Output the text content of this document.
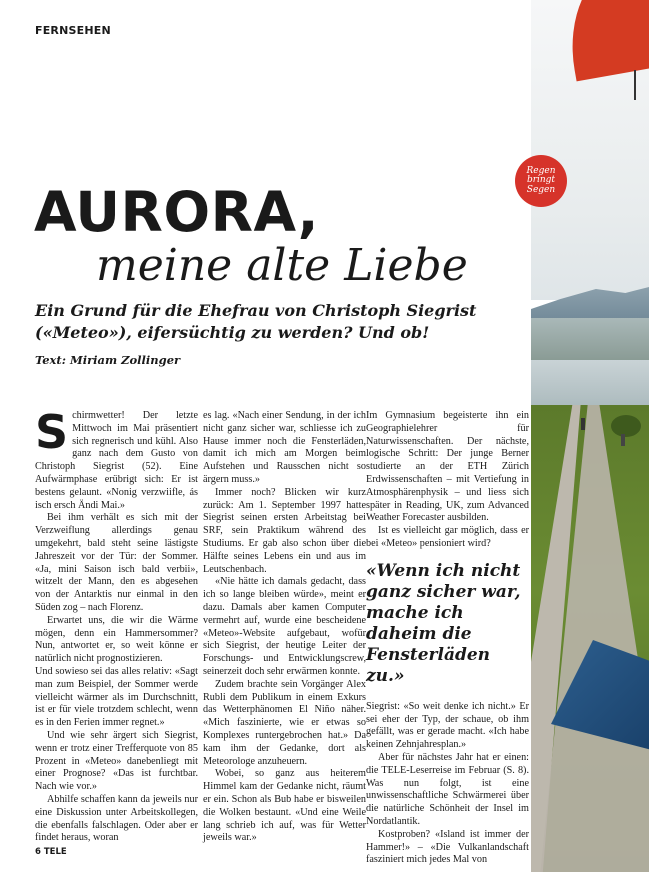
FERNSEHEN
Regen
bringt
Segen
AURORA,
meine alte Liebe
Ein Grund für die Ehefrau von Christoph Siegrist («Meteo»), eifersüchtig zu werden? Und ob!
Text: Miriam Zollinger

Schirmwetter! Der letzte Mittwoch im Mai präsentiert sich regnerisch und kühl. Also ganz nach dem Gusto von Christoph Siegrist (52). Eine Aufwärmphase erübrigt sich: Er ist bestens gelaunt. «Nonig verzwiifle, ás isch ersch Ändi Mai.»

Bei ihm verhält es sich mit der Verzweiflung allerdings genau umgekehrt, bald steht seine lästigste Jahreszeit vor der Tür: der Sommer. «Ja, mini Saison isch bald verbii», witzelt der Mann, den es abgesehen von der Antarktis nur einmal in den Süden zog – nach Florenz.

Erwartet uns, die wir die Wärme mögen, denn ein Hammersommer? Nun, antwortet er, so weit könne er natürlich nicht prognostizieren.

Und sowieso sei das alles relativ: «Sagt man zum Beispiel, der Sommer werde vielleicht wärmer als im Durchschnitt, ist er für viele trotzdem schlecht, wenn es in den Ferien immer regnet.»

Und wie sehr ärgert sich Siegrist, wenn er trotz einer Trefferquote von 85 Prozent in «Meteo» danebenliegt mit einer Prognose? «Das ist furchtbar. Nach wie vor.»

Abhilfe schaffen kann da jeweils nur eine Diskussion unter Arbeitskollegen, die ebenfalls falschlagen. Oder aber er findet heraus, woran

es lag. «Nach einer Sendung, in der ich nicht ganz sicher war, schliesse ich zu Hause immer noch die Fensterläden, damit ich mich am Morgen beim Aufstehen und Rausschen nicht so ärgern muss.»

Immer noch? Blicken wir kurz zurück: Am 1. September 1997 hatte Siegrist seinen ersten Arbeitstag bei SRF, sein Praktikum während des Studiums. Er gab also schon über die Hälfte seines Lebens ein und aus im Leutschenbach.

«Nie hätte ich damals gedacht, dass ich so lange bleiben würde», meint er dazu. Damals aber kamen Computer vermehrt auf, wurde eine bescheidene «Meteo»-Website aufgebaut, wofür sich Siegrist, der heutige Leiter der Forschungs- und Entwicklungscrew, seinerzeit doch sehr erwärmen konnte.

Zudem brachte sein Vorgänger Alex Rubli dem Publikum in einem Exkurs das Wetterphänomen El Niño näher. «Mich faszinierte, wie er etwas so Komplexes runtergebrochen hat.» Da kam ihm der Gedanke, dort als Meteorologe anzuheuern.

Wobei, so ganz aus heiterem Himmel kam der Gedanke nicht, räumt er ein. Schon als Bub habe er bisweilen die Wolken bestaunt. «Und eine Weile lang schrieb ich auf, was für Wetter jeweils war.»

Im Gymnasium begeisterte ihn ein Geographielehrer für Naturwissenschaften. Der nächste, logische Schritt: Der junge Berner studierte an der ETH Zürich Erdwissenschaften – mit Vertiefung in Atmosphärenphysik – und liess sich später in Reading, UK, zum Advanced Weather Forecaster ausbilden.

Ist es vielleicht gar möglich, dass er bei «Meteo» pensioniert wird?

«Wenn ich nicht ganz sicher war, mache ich daheim die Fensterläden zu.»

Siegrist: «So weit denke ich nicht.» Er sei eher der Typ, der schaue, ob ihm gefällt, was er gerade macht. «Ich habe keinen Zehnjahresplan.»

Aber für nächstes Jahr hat er einen: die TELE-Leserreise im Februar (S. 8). Was nun folgt, ist eine unwissenschaftliche Schwärmerei über die natürliche Schönheit der Insel im Nordatlantik.

Kostproben? «Island ist immer der Hammer!» – «Die Vulkanlandschaft fasziniert mich jedes Mal von

6 TELE
